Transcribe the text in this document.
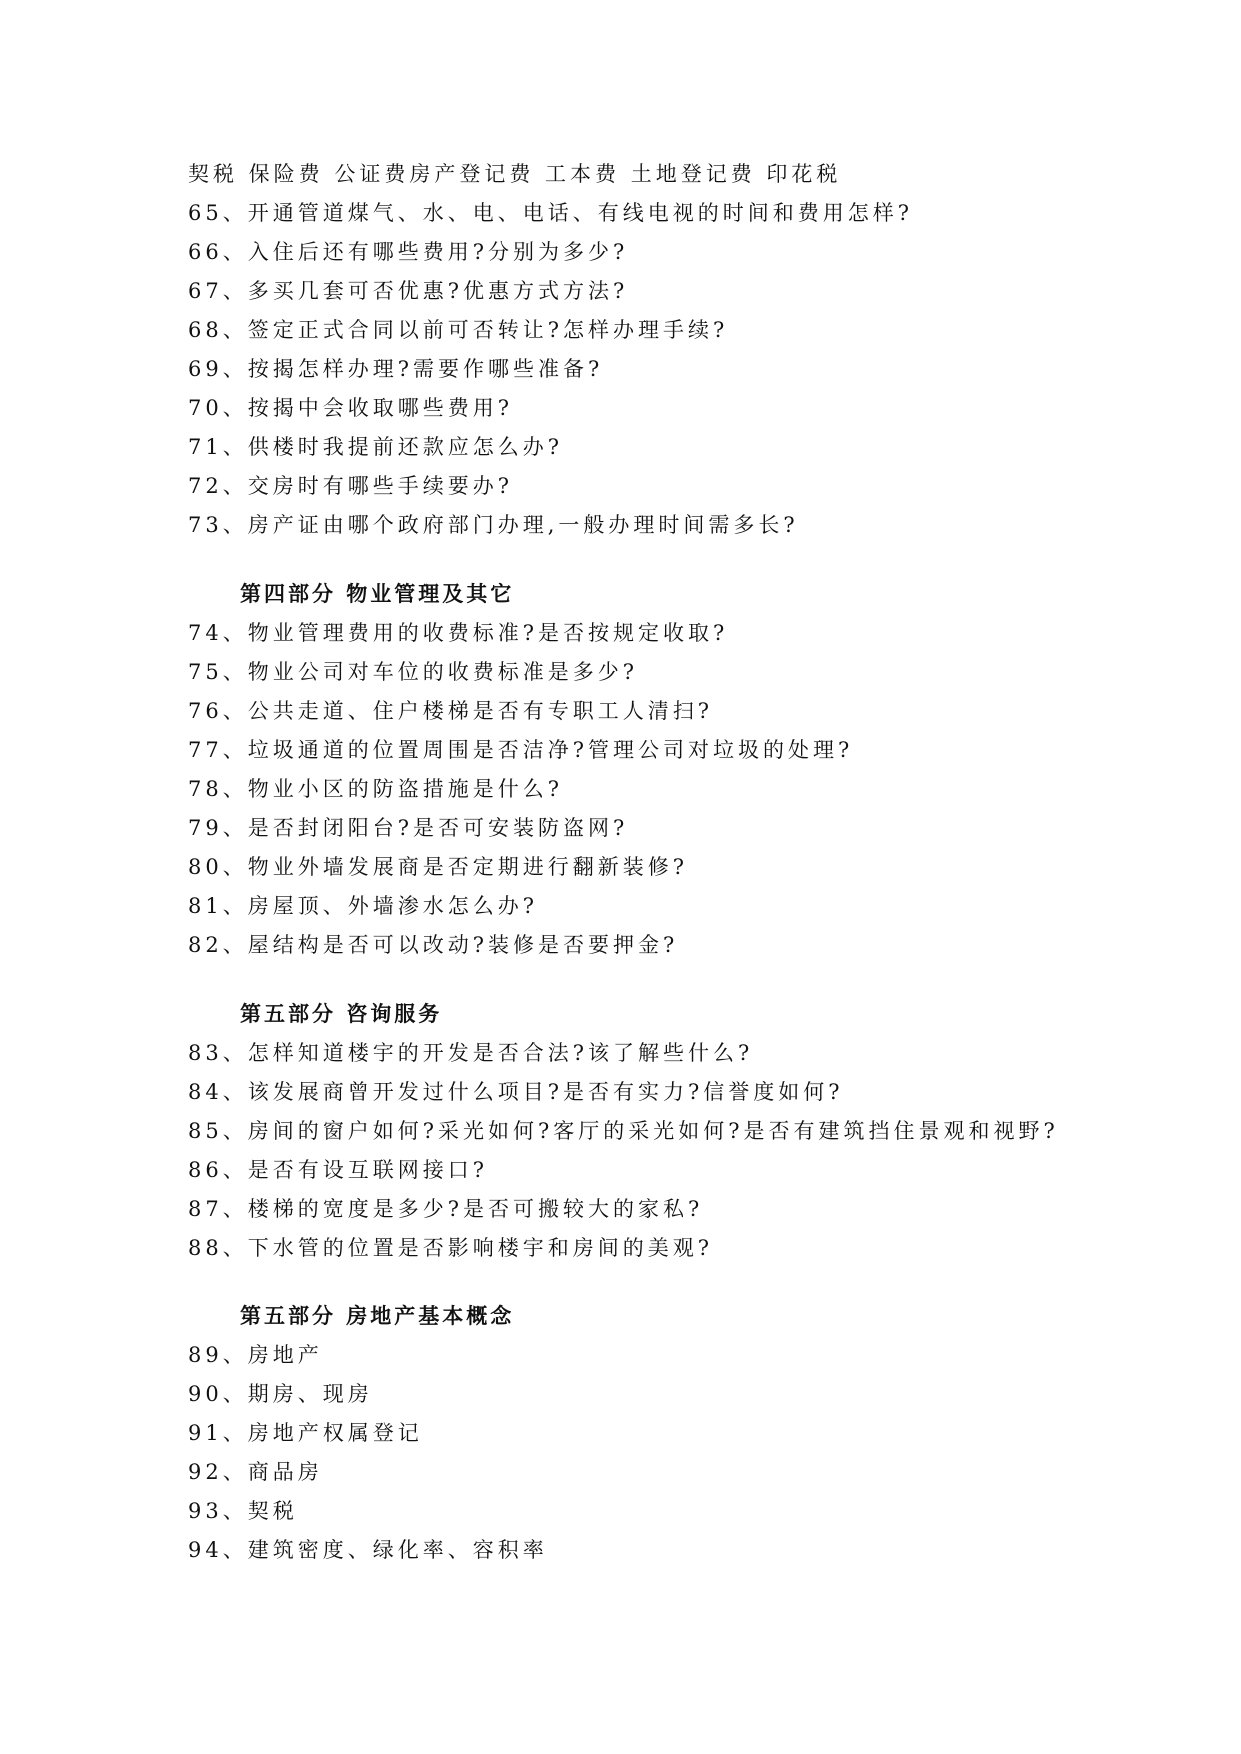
契税 保险费 公证费房产登记费 工本费 土地登记费 印花税
65、开通管道煤气、水、电、电话、有线电视的时间和费用怎样?
66、入住后还有哪些费用?分别为多少?
67、多买几套可否优惠?优惠方式方法?
68、签定正式合同以前可否转让?怎样办理手续?
69、按揭怎样办理?需要作哪些准备?
70、按揭中会收取哪些费用?
71、供楼时我提前还款应怎么办?
72、交房时有哪些手续要办?
73、房产证由哪个政府部门办理,一般办理时间需多长?
第四部分 物业管理及其它
74、物业管理费用的收费标准?是否按规定收取?
75、物业公司对车位的收费标准是多少?
76、公共走道、住户楼梯是否有专职工人清扫?
77、垃圾通道的位置周围是否洁净?管理公司对垃圾的处理?
78、物业小区的防盗措施是什么?
79、是否封闭阳台?是否可安装防盗网?
80、物业外墙发展商是否定期进行翻新装修?
81、房屋顶、外墙渗水怎么办?
82、屋结构是否可以改动?装修是否要押金?
第五部分 咨询服务
83、怎样知道楼宇的开发是否合法?该了解些什么?
84、该发展商曾开发过什么项目?是否有实力?信誉度如何?
85、房间的窗户如何?采光如何?客厅的采光如何?是否有建筑挡住景观和视野?
86、是否有设互联网接口?
87、楼梯的宽度是多少?是否可搬较大的家私?
88、下水管的位置是否影响楼宇和房间的美观?
第五部分 房地产基本概念
89、房地产
90、期房、现房
91、房地产权属登记
92、商品房
93、契税
94、建筑密度、绿化率、容积率
